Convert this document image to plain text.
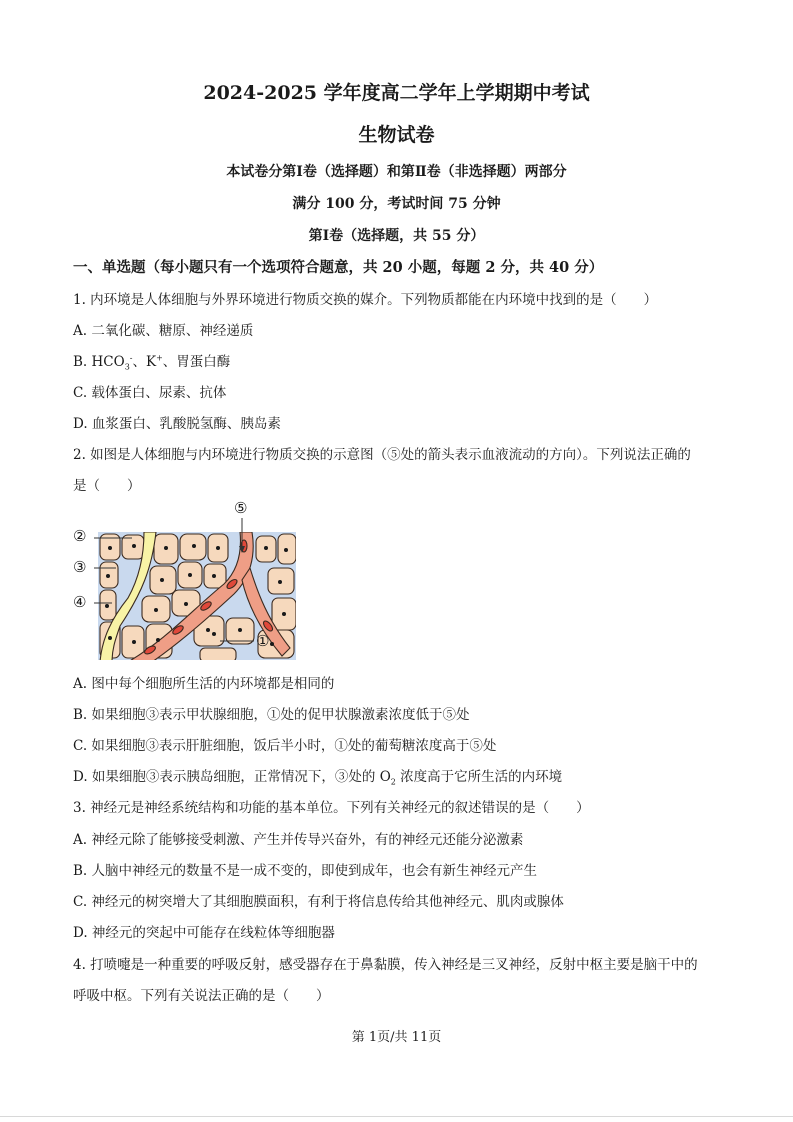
2024-2025 学年度高二学年上学期期中考试
生物试卷
本试卷分第Ⅰ卷（选择题）和第Ⅱ卷（非选择题）两部分
满分 100 分，考试时间 75 分钟
第Ⅰ卷（选择题，共 55 分）
一、单选题（每小题只有一个选项符合题意，共 20 小题，每题 2 分，共 40 分）
1. 内环境是人体细胞与外界环境进行物质交换的媒介。下列物质都能在内环境中找到的是（　　）
A. 二氧化碳、糖原、神经递质
B. $HCO_3^-$、K+、胃蛋白酶
C. 载体蛋白、尿素、抗体
D. 血浆蛋白、乳酸脱氢酶、胰岛素
2. 如图是人体细胞与内环境进行物质交换的示意图（⑤处的箭头表示血液流动的方向）。下列说法正确的
是（　　）
②
③
④
⑤
①
A. 图中每个细胞所生活的内环境都是相同的
B. 如果细胞③表示甲状腺细胞，①处的促甲状腺激素浓度低于⑤处
C. 如果细胞③表示肝脏细胞，饭后半小时，①处的葡萄糖浓度高于⑤处
D. 如果细胞③表示胰岛细胞，正常情况下，③处的 $O_2$ 浓度高于它所生活的内环境
3. 神经元是神经系统结构和功能的基本单位。下列有关神经元的叙述错误的是（　　）
A. 神经元除了能够接受刺激、产生并传导兴奋外，有的神经元还能分泌激素
B. 人脑中神经元的数量不是一成不变的，即使到成年，也会有新生神经元产生
C. 神经元的树突增大了其细胞膜面积，有利于将信息传给其他神经元、肌肉或腺体
D. 神经元的突起中可能存在线粒体等细胞器
4. 打喷嚏是一种重要的呼吸反射，感受器存在于鼻黏膜，传入神经是三叉神经，反射中枢主要是脑干中的
呼吸中枢。下列有关说法正确的是（　　）
第 1页/共 11页
